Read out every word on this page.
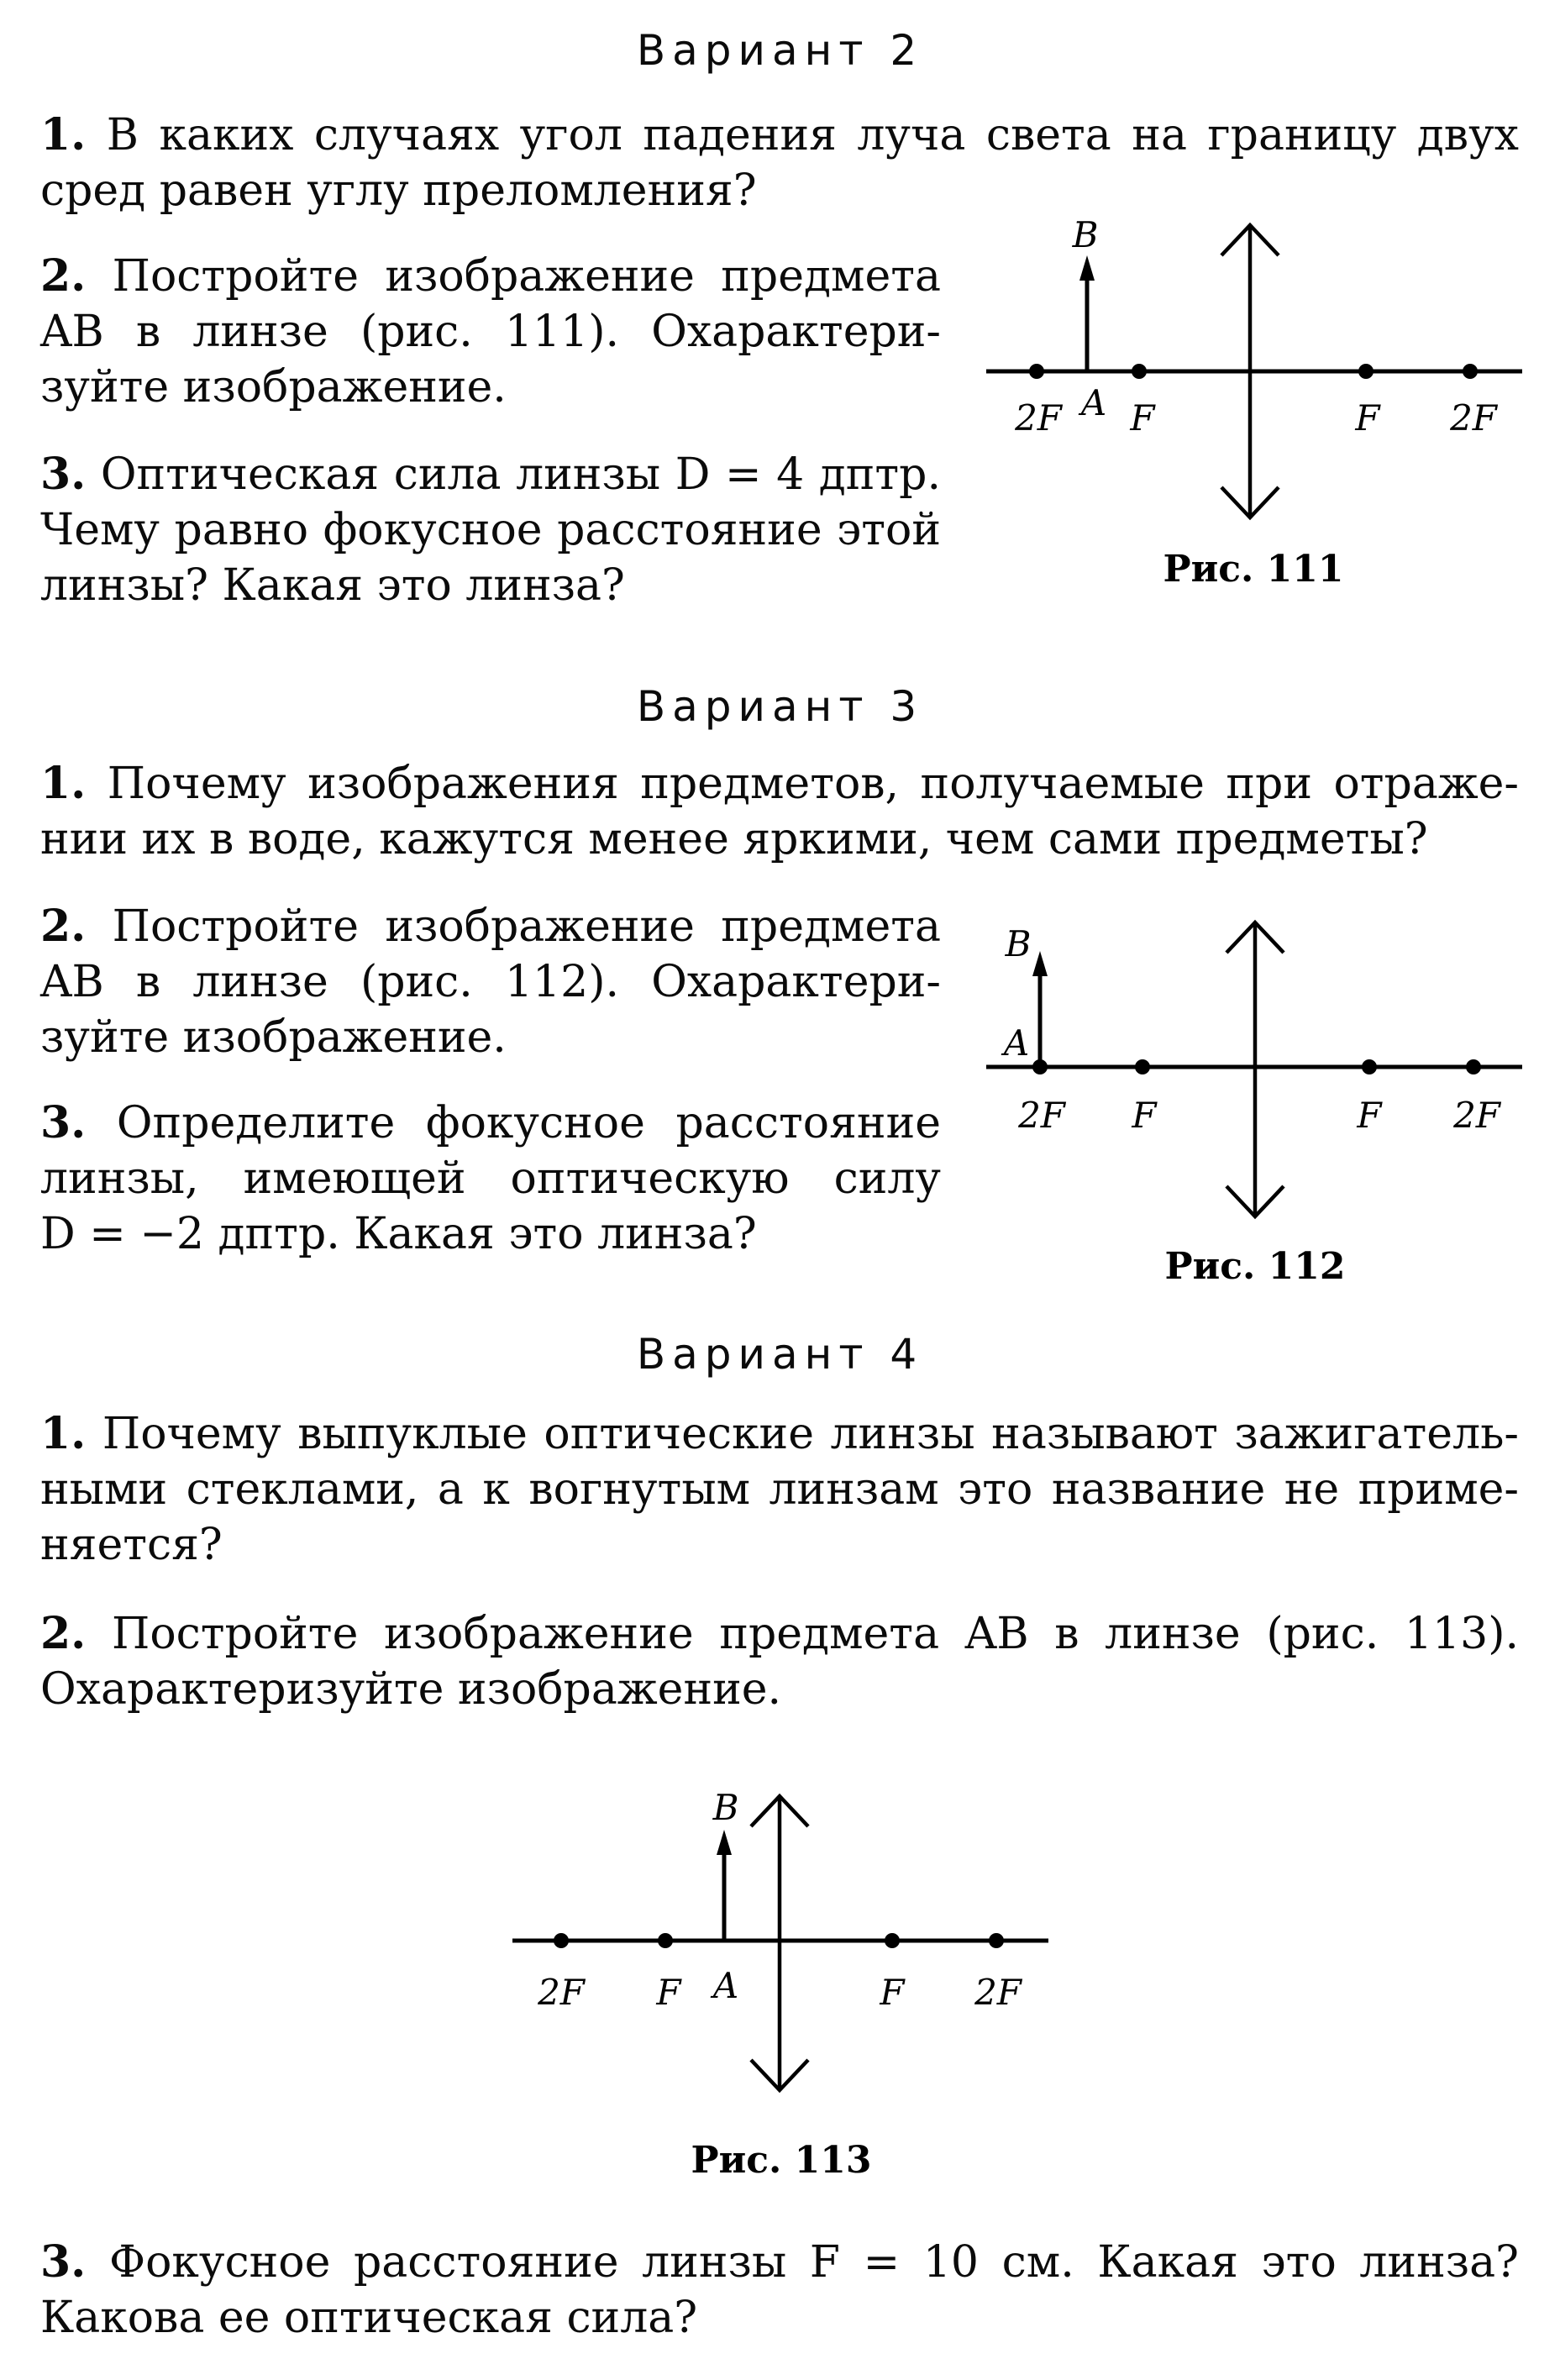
Вариант 2

1. В каких случаях угол падения луча света на границу двух сред равен углу преломления?

2. Постройте изображение предмета
AB в линзе (рис. 111). Охарактери-
зуйте изображение.
3. Оптическая сила линзы D = 4 дптр.
Чему равно фокусное расстояние этой
линзы? Какая это линза?
B
A
2F F	F 2F
Рис. 111
Вариант 3
1. Почему изображения предметов, получаемые при отраже-
нии их в воде, кажутся менее яркими, чем сами предметы?
2. Постройте изображение предмета
AB в линзе (рис. 112). Охарактери-
зуйте изображение.
3. Определите фокусное расстояние
линзы, имеющей оптическую силу
D = −2 дптр. Какая это линза?
B
A
2F F	F 2F
Рис. 112
Вариант 4
1. Почему выпуклые оптические линзы называют зажигатель-
ными стеклами, а к вогнутым линзам это название не приме-
няется?
2. Постройте изображение предмета AB в линзе (рис. 113).
Охарактеризуйте изображение.
B
A
2F F	F 2F
Рис. 113
3. Фокусное расстояние линзы F = 10 см. Какая это линза?
Какова ее оптическая сила?
